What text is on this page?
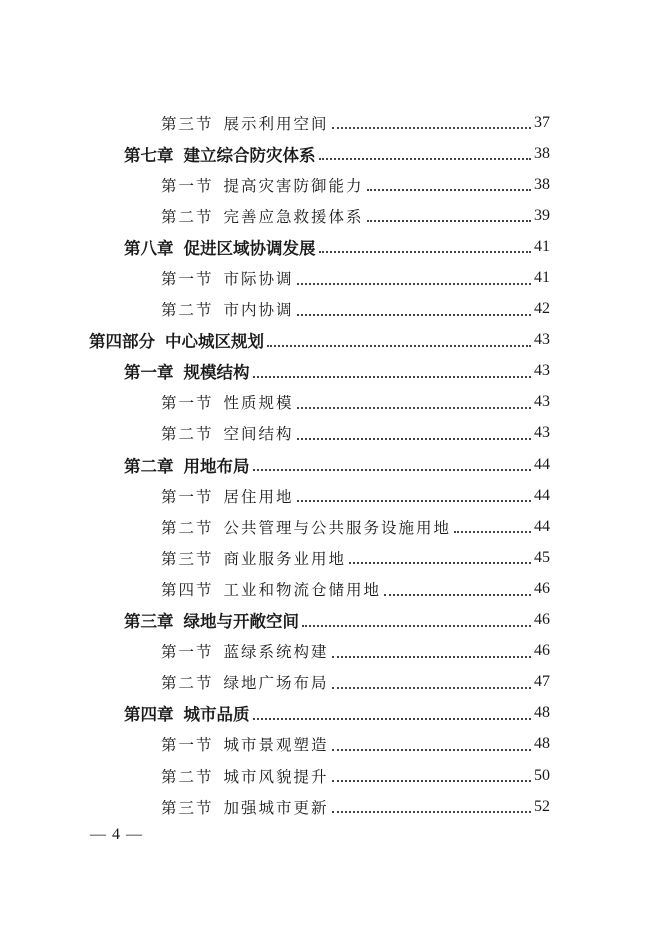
第三节 展示利用空间	37
第七章 建立综合防灾体系	38
第一节 提高灾害防御能力	38
第二节 完善应急救援体系	39
第八章 促进区域协调发展	41
第一节 市际协调	41
第二节 市内协调	42
第四部分 中心城区规划	43
第一章 规模结构	43
第一节 性质规模	43
第二节 空间结构	43
第二章 用地布局	44
第一节 居住用地	44
第二节 公共管理与公共服务设施用地	44
第三节 商业服务业用地	45
第四节 工业和物流仓储用地	46
第三章 绿地与开敞空间	46
第一节 蓝绿系统构建	46
第二节 绿地广场布局	47
第四章 城市品质	48
第一节 城市景观塑造	48
第二节 城市风貌提升	50
第三节 加强城市更新	52
— 4 —
